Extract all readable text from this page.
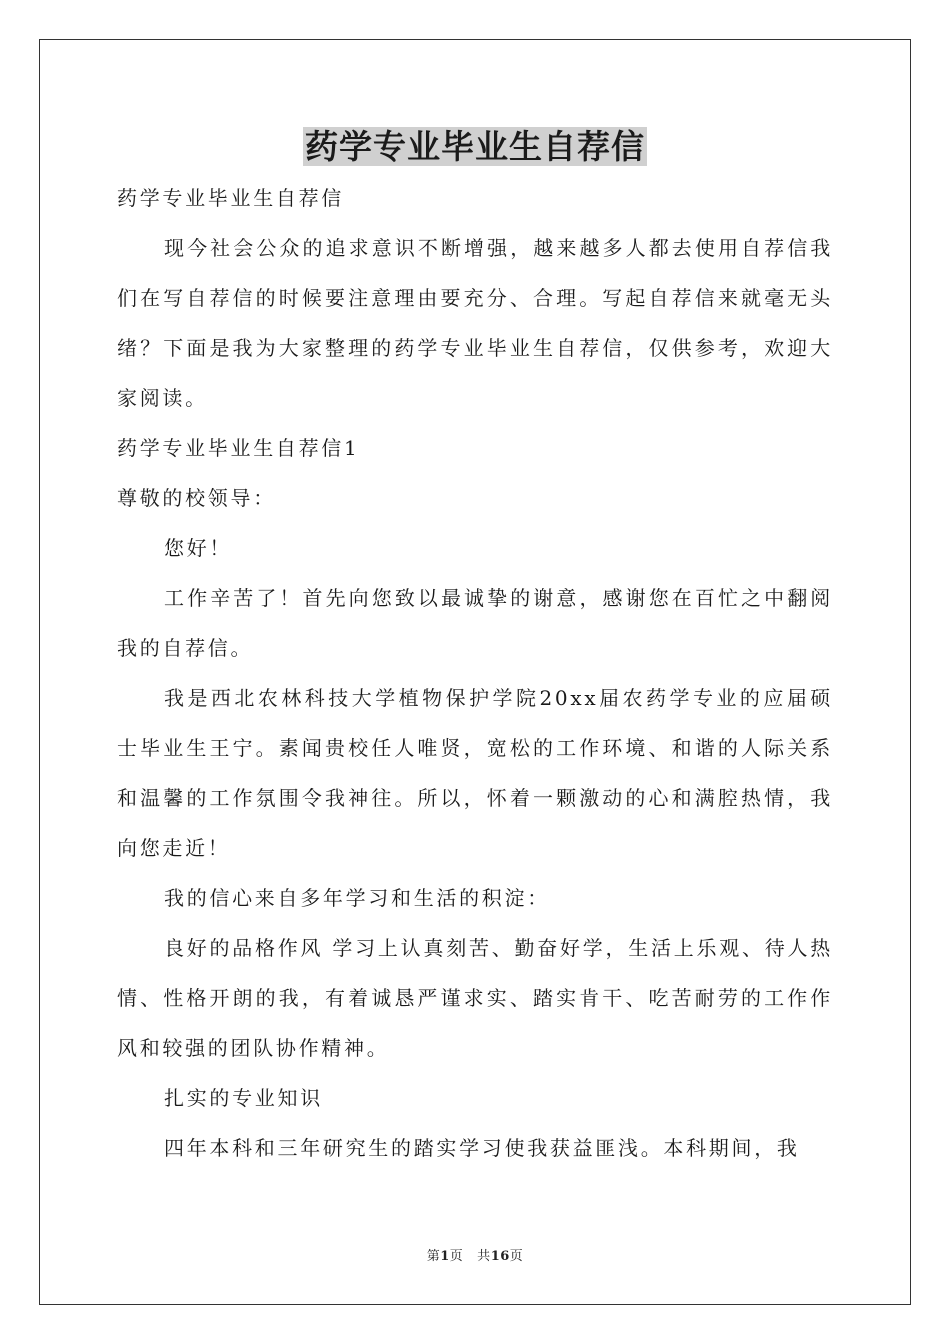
药学专业毕业生自荐信

药学专业毕业生自荐信

现今社会公众的追求意识不断增强，越来越多人都去使用自荐信我们在写自荐信的时候要注意理由要充分、合理。写起自荐信来就毫无头绪？下面是我为大家整理的药学专业毕业生自荐信，仅供参考，欢迎大家阅读。

药学专业毕业生自荐信1

尊敬的校领导：

您好！

工作辛苦了！首先向您致以最诚挚的谢意，感谢您在百忙之中翻阅我的自荐信。

我是西北农林科技大学植物保护学院20xx届农药学专业的应届硕士毕业生王宁。素闻贵校任人唯贤，宽松的工作环境、和谐的人际关系和温馨的工作氛围令我神往。所以，怀着一颗激动的心和满腔热情，我向您走近！

我的信心来自多年学习和生活的积淀：

良好的品格作风 学习上认真刻苦、勤奋好学，生活上乐观、待人热情、性格开朗的我，有着诚恳严谨求实、踏实肯干、吃苦耐劳的工作作风和较强的团队协作精神。

扎实的专业知识

四年本科和三年研究生的踏实学习使我获益匪浅。本科期间，我

第1页 共16页
